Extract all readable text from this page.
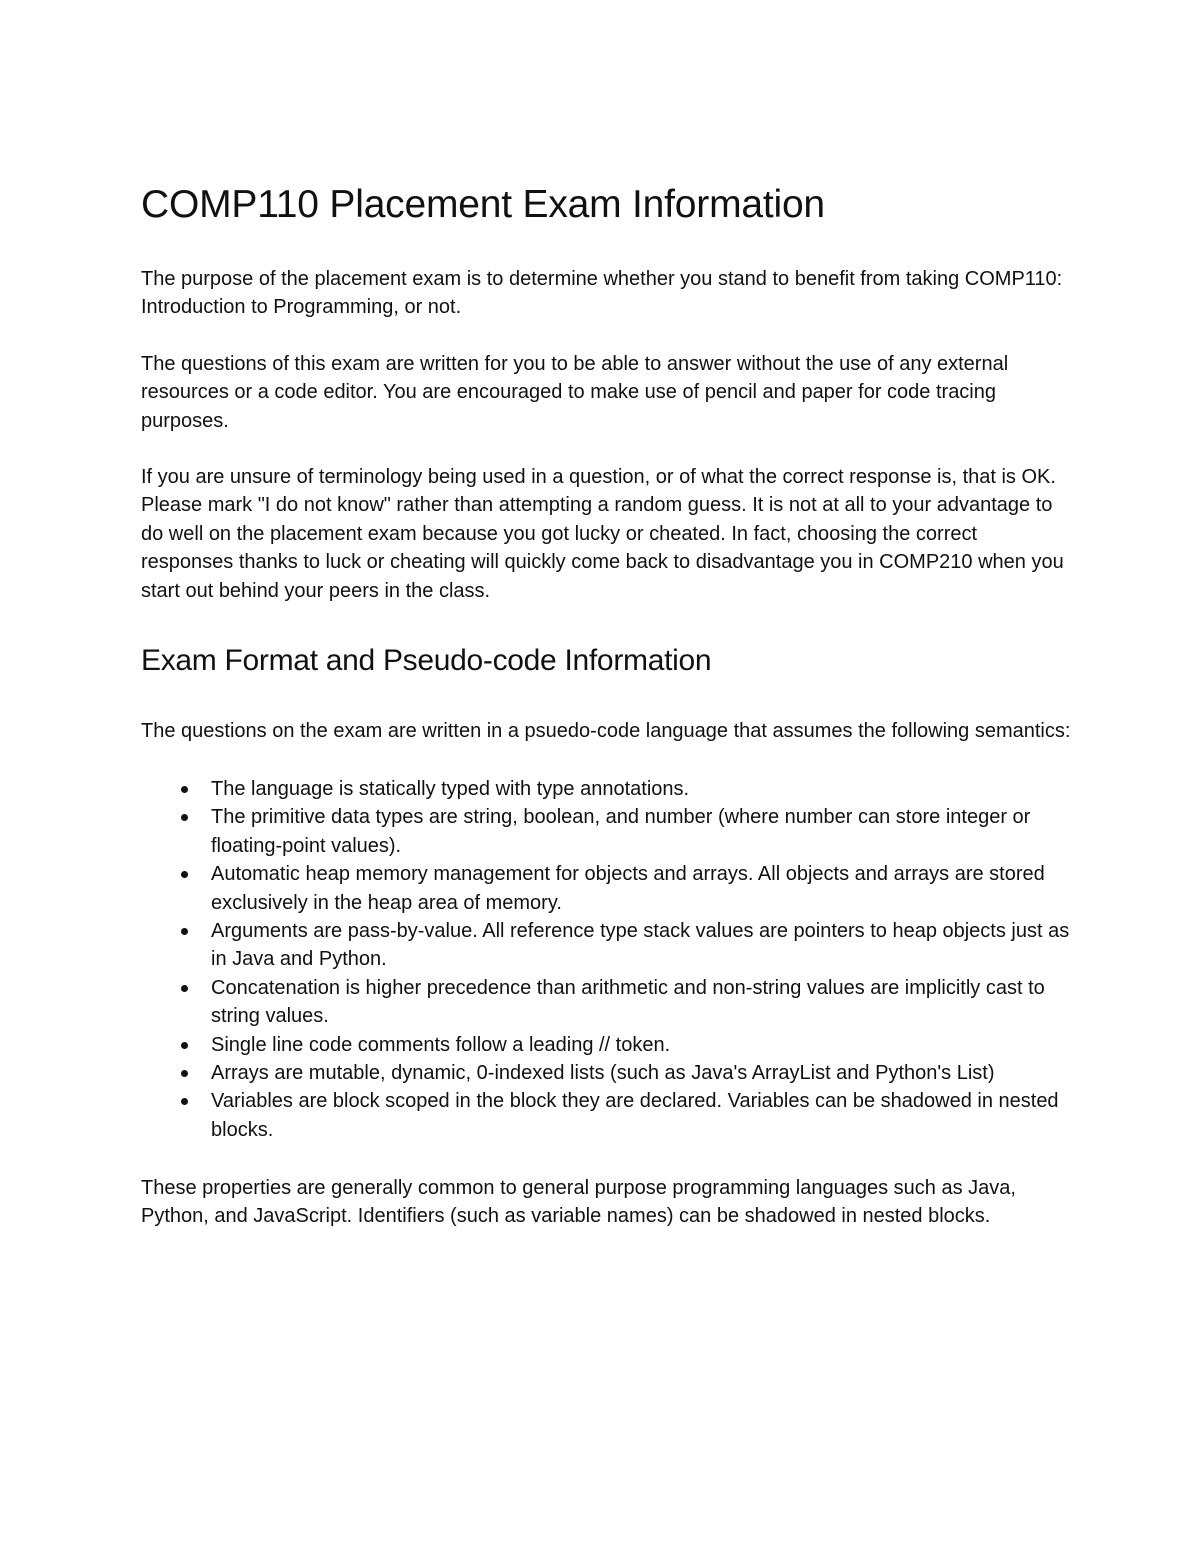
COMP110 Placement Exam Information

The purpose of the placement exam is to determine whether you stand to benefit from taking COMP110: Introduction to Programming, or not.

The questions of this exam are written for you to be able to answer without the use of any external resources or a code editor. You are encouraged to make use of pencil and paper for code tracing purposes.

If you are unsure of terminology being used in a question, or of what the correct response is, that is OK. Please mark "I do not know" rather than attempting a random guess. It is not at all to your advantage to do well on the placement exam because you got lucky or cheated. In fact, choosing the correct responses thanks to luck or cheating will quickly come back to disadvantage you in COMP210 when you start out behind your peers in the class.

Exam Format and Pseudo-code Information

The questions on the exam are written in a psuedo-code language that assumes the following semantics:

The language is statically typed with type annotations.
The primitive data types are string, boolean, and number (where number can store integer or floating-point values).
Automatic heap memory management for objects and arrays. All objects and arrays are stored exclusively in the heap area of memory.
Arguments are pass-by-value. All reference type stack values are pointers to heap objects just as in Java and Python.
Concatenation is higher precedence than arithmetic and non-string values are implicitly cast to string values.
Single line code comments follow a leading // token.
Arrays are mutable, dynamic, 0-indexed lists (such as Java's ArrayList and Python's List)
Variables are block scoped in the block they are declared. Variables can be shadowed in nested blocks.

These properties are generally common to general purpose programming languages such as Java, Python, and JavaScript. Identifiers (such as variable names) can be shadowed in nested blocks.
